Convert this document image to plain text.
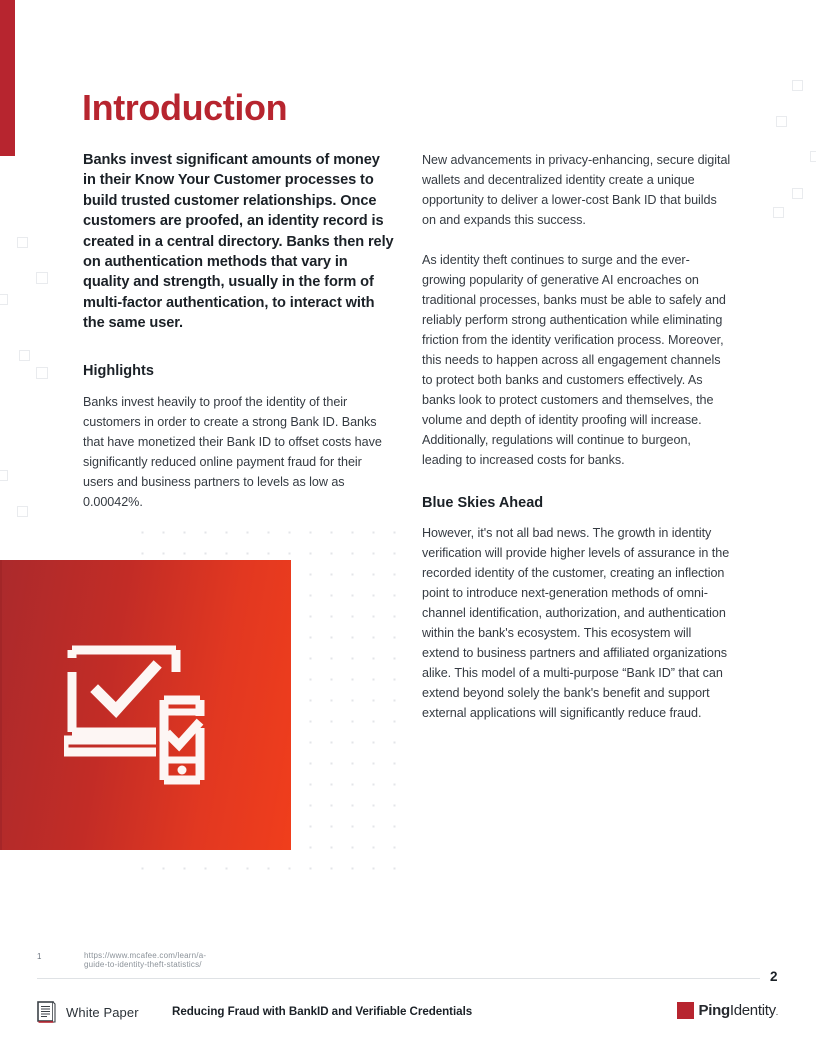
Introduction

Banks invest significant amounts of money in their Know Your Customer processes to build trusted customer relationships. Once customers are proofed, an identity record is created in a central directory. Banks then rely on authentication methods that vary in quality and strength, usually in the form of multi-factor authentication, to interact with the same user.

Highlights

Banks invest heavily to proof the identity of their customers in order to create a strong Bank ID. Banks that have monetized their Bank ID to offset costs have significantly reduced online payment fraud for their users and business partners to levels as low as 0.00042%.

New advancements in privacy-enhancing, secure digital wallets and decentralized identity create a unique opportunity to deliver a lower-cost Bank ID that builds on and expands this success.

As identity theft continues to surge and the ever-growing popularity of generative AI encroaches on traditional processes, banks must be able to safely and reliably perform strong authentication while eliminating friction from the identity verification process. Moreover, this needs to happen across all engagement channels to protect both banks and customers effectively. As banks look to protect customers and themselves, the volume and depth of identity proofing will increase. Additionally, regulations will continue to burgeon, leading to increased costs for banks.

Blue Skies Ahead

However, it's not all bad news. The growth in identity verification will provide higher levels of assurance in the recorded identity of the customer, creating an inflection point to introduce next-generation methods of omni-channel identification, authorization, and authentication within the bank's ecosystem. This ecosystem will extend to business partners and affiliated organizations alike. This model of a multi-purpose “Bank ID” that can extend beyond solely the bank's benefit and support external applications will significantly reduce fraud.

1	https://www.mcafee.com/learn/a-guide-to-identity-theft-statistics/
2
White Paper	Reducing Fraud with BankID and Verifiable Credentials	PingIdentity.
